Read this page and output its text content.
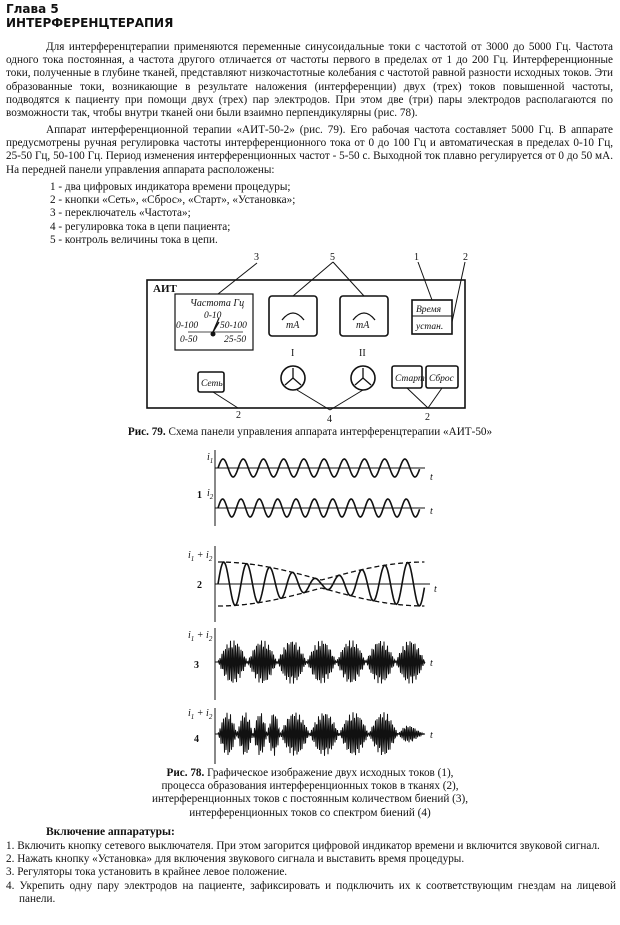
Глава 5
ИНТЕРФЕРЕНЦТЕРАПИЯ

Для интерференцтерапии применяются переменные синусоидальные токи с частотой от 3000 до 5000 Гц. Частота одного тока постоянная, а частота другого отличается от частоты первого в пределах от 1 до 200 Гц. Интерференционные токи, полученные в глубине тканей, представляют низкочастотные колебания с частотой равной разности исходных токов. Эти образованные токи, возникающие в результате наложения (интерференции) двух (трех) токов повышенной частоты, подводятся к пациенту при помощи двух (трех) пар электродов. При этом две (три) пары электродов располагаются по возможности так, чтобы внутри тканей они были взаимно перпендикулярны (рис. 78).

Аппарат интерференционной терапии «АИТ-50-2» (рис. 79). Его рабочая частота составляет 5000 Гц. В аппарате предусмотрены ручная регулировка частоты интерференционного тока от 0 до 100 Гц и автоматическая в пределах 0-10 Гц, 25-50 Гц, 50-100 Гц. Период изменения интерференционных частот - 5-50 с. Выходной ток плавно регулируется от 0 до 50 мА. На передней панели управления аппарата расположены:

1 - два цифровых индикатора времени процедуры;
2 - кнопки «Сеть», «Сброс», «Старт», «Установка»;
3 - переключатель «Частота»;
4 - регулировка тока в цепи пациента;
5 - контроль величины тока в цепи.
АИТ
Частота Гц
0-10
0-100 50-100
0-50	25-50
mA	mA
I	II
Время
устан.
Сеть	Старт Сброс
3	5	1	2
2	4	2
Рис. 79. Схема панели управления аппарата интерференцтерапии «АИТ-50»
$i_1$
$i_2$
$i_1 + i_2$
$i_1 + i_2$
$i_1 + i_2$
t
t
t
t
t
1
2
3
4
Рис. 78. Графическое изображение двух исходных токов (1),
процесса образования интерференционных токов в тканях (2),
интерференционных токов с постоянным количеством биений (3),
интерференционных токов со спектром биений (4)
Включение аппаратуры:
1. Включить кнопку сетевого выключателя. При этом загорится цифровой индикатор времени и включится звуковой сигнал.
2. Нажать кнопку «Установка» для включения звукового сигнала и выставить время процедуры.
3. Регуляторы тока установить в крайнее левое положение.
4. Укрепить одну пару электродов на пациенте, зафиксировать и подключить их к соответствующим гнездам на лицевой панели.
